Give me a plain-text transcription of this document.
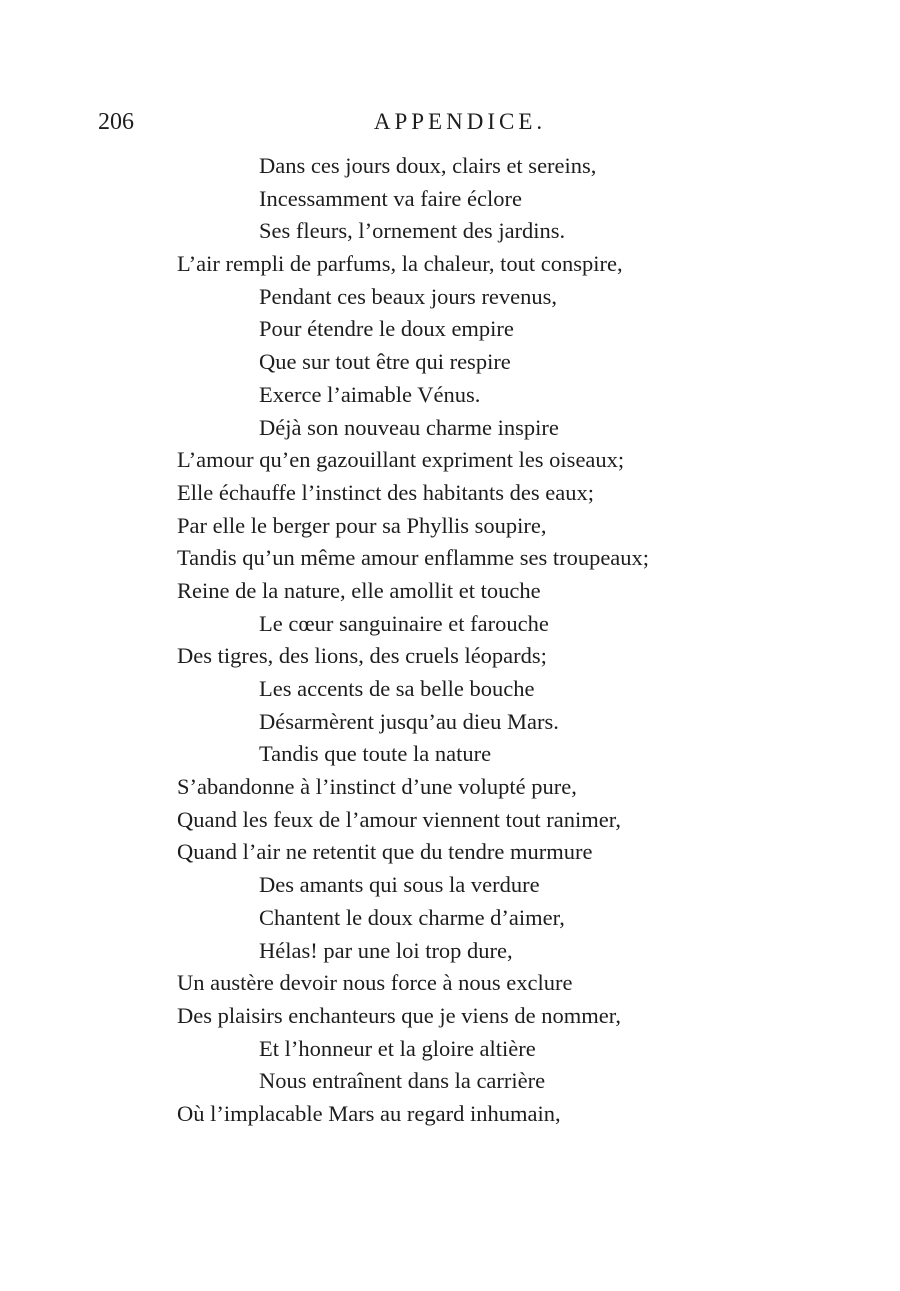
206	APPENDICE.
Dans ces jours doux, clairs et sereins,
Incessamment va faire éclore
Ses fleurs, l’ornement des jardins.
L’air rempli de parfums, la chaleur, tout conspire,
Pendant ces beaux jours revenus,
Pour étendre le doux empire
Que sur tout être qui respire
Exerce l’aimable Vénus.
Déjà son nouveau charme inspire
L’amour qu’en gazouillant expriment les oiseaux;
Elle échauffe l’instinct des habitants des eaux;
Par elle le berger pour sa Phyllis soupire,
Tandis qu’un même amour enflamme ses troupeaux;
Reine de la nature, elle amollit et touche
Le cœur sanguinaire et farouche
Des tigres, des lions, des cruels léopards;
Les accents de sa belle bouche
Désarmèrent jusqu’au dieu Mars.
Tandis que toute la nature
S’abandonne à l’instinct d’une volupté pure,
Quand les feux de l’amour viennent tout ranimer,
Quand l’air ne retentit que du tendre murmure
Des amants qui sous la verdure
Chantent le doux charme d’aimer,
Hélas! par une loi trop dure,
Un austère devoir nous force à nous exclure
Des plaisirs enchanteurs que je viens de nommer,
Et l’honneur et la gloire altière
Nous entraînent dans la carrière
Où l’implacable Mars au regard inhumain,
